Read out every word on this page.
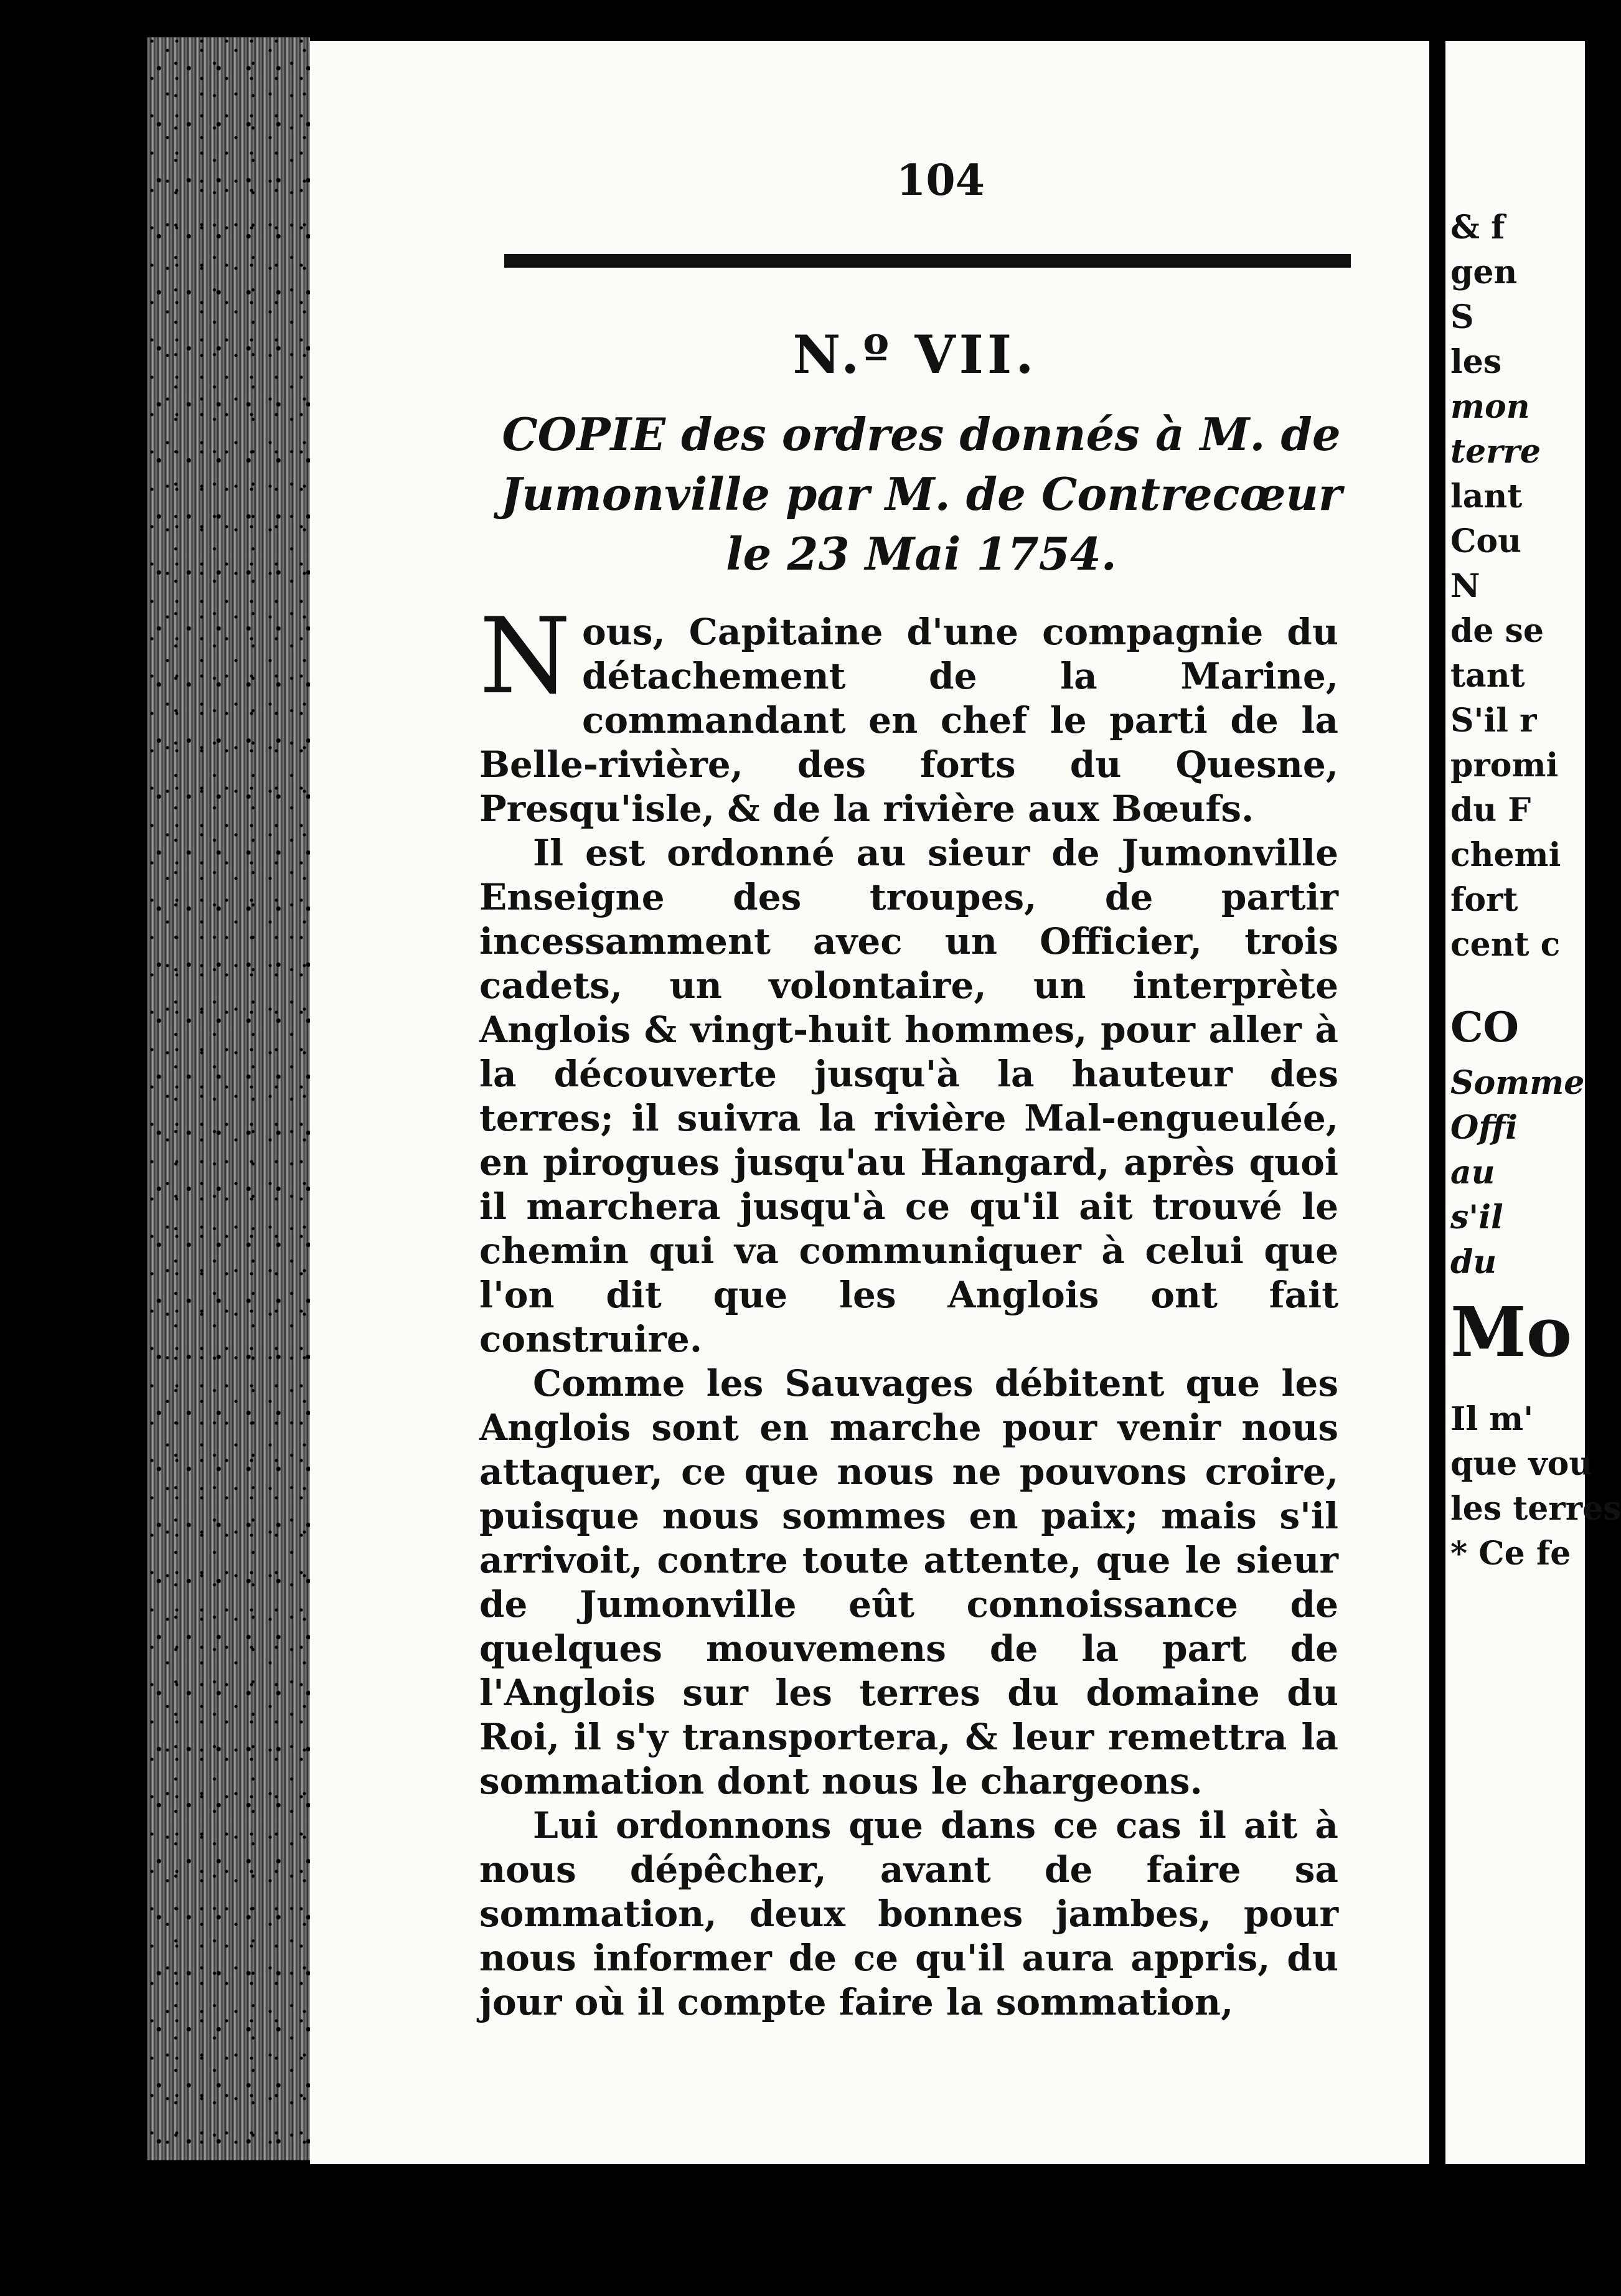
104
N.º VII.
COPIE des ordres donnés à M. de Jumonville par M. de Contrecœur le 23 Mai 1754.

Nous, Capitaine d'une compagnie du détachement de la Marine, commandant en chef le parti de la Belle-rivière, des forts du Quesne, Presqu'isle, & de la rivière aux Bœufs.

Il est ordonné au sieur de Jumonville Enseigne des troupes, de partir incessamment avec un Officier, trois cadets, un volontaire, un interprète Anglois & vingt-huit hommes, pour aller à la découverte jusqu'à la hauteur des terres; il suivra la rivière Mal-engueulée, en pirogues jusqu'au Hangard, après quoi il marchera jusqu'à ce qu'il ait trouvé le chemin qui va communiquer à celui que l'on dit que les Anglois ont fait construire.

Comme les Sauvages débitent que les Anglois sont en marche pour venir nous attaquer, ce que nous ne pouvons croire, puisque nous sommes en paix; mais s'il arrivoit, contre toute attente, que le sieur de Jumonville eût connoissance de quelques mouvemens de la part de l'Anglois sur les terres du domaine du Roi, il s'y transportera, & leur remettra la sommation dont nous le chargeons.

Lui ordonnons que dans ce cas il ait à nous dépêcher, avant de faire sa sommation, deux bonnes jambes, pour nous informer de ce qu'il aura appris, du jour où il compte faire la sommation,

& f
gen
S
les
mon
terre
lant
Cou
N
de se
tant
S'il r
promi
du F
chemi
fort
cent c
CO
Somme
Offi
au
s'il
du
Mo
Il m'
que vou
les terres
* Ce fe
